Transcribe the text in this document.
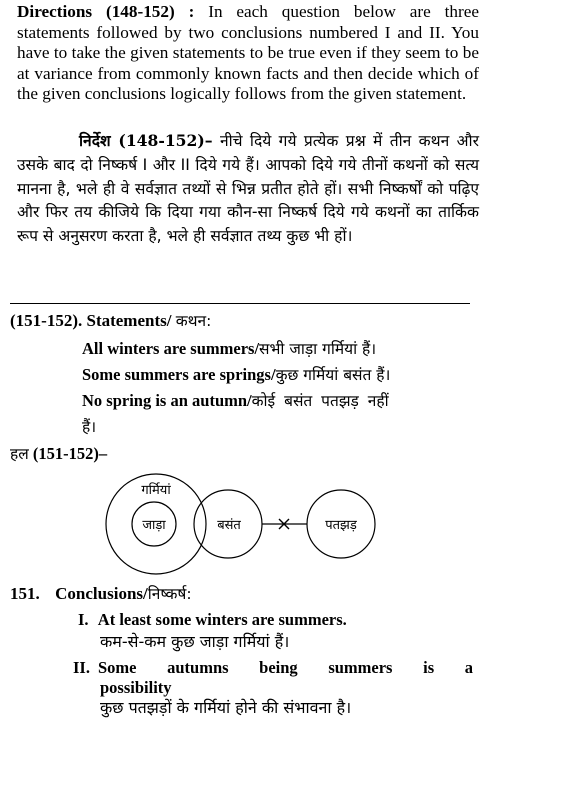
Directions (148-152) : In each question below are three statements followed by two conclusions numbered I and II. You have to take the given statements to be true even if they seem to be at variance from commonly known facts and then decide which of the given conclusions logically follows from the given statement.
निर्देश (148-152)– नीचे दिये गये प्रत्येक प्रश्न में तीन कथन और उसके बाद दो निष्कर्ष I और II दिये गये हैं। आपको दिये गये तीनों कथनों को सत्य मानना है, भले ही वे सर्वज्ञात तथ्यों से भिन्न प्रतीत होते हों। सभी निष्कर्षों को पढ़िए और फिर तय कीजिये कि दिया गया कौन-सा निष्कर्ष दिये गये कथनों का तार्किक रूप से अनुसरण करता है, भले ही सर्वज्ञात तथ्य कुछ भी हों।
(151-152). Statements/ कथन:
All winters are summers/सभी जाड़ा गर्मियां हैं।
Some summers are springs/कुछ गर्मियां बसंत हैं।
No spring is an autumn/कोई बसंत पतझड़ नहीं
हैं।
हल (151-152)–
गर्मियां
जाड़ा	बसंत	पतझड़
151. Conclusions/निष्कर्ष:
I. At least some winters are summers.
कम-से-कम कुछ जाड़ा गर्मियां हैं।
II. Some autumns being summers is a
possibility
कुछ पतझड़ों के गर्मियां होने की संभावना है।
